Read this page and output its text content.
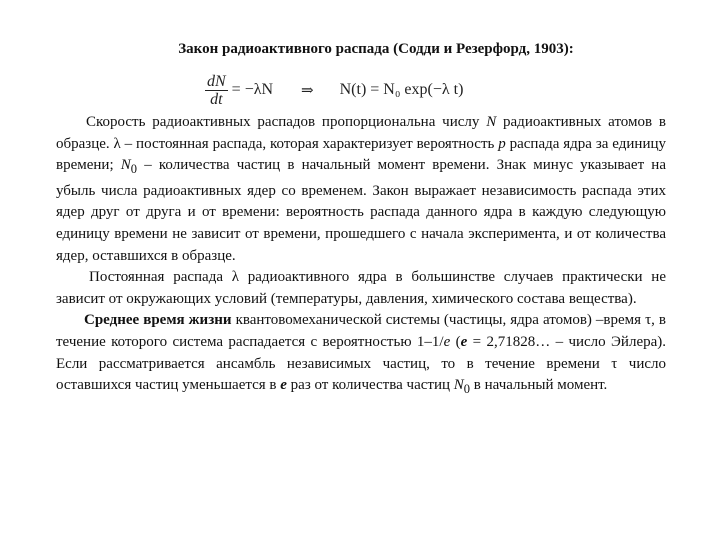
Закон радиоактивного распада (Содди и Резерфорд, 1903):
$\frac{dN}{dt} = -\lambda N$ ⇒ N(t) = N₀ exp(−λ t)

Скорость радиоактивных распадов пропорциональна числу N радиоактивных атомов в образце. λ – постоянная распада, которая характеризует вероятность p распада ядра за единицу времени; $N_0$ – количества частиц в начальный момент времени. Знак минус указывает на убыль числа радиоактивных ядер со временем. Закон выражает независимость распада этих ядер друг от друга и от времени: вероятность распада данного ядра в каждую следующую единицу времени не зависит от времени, прошедшего с начала эксперимента, и от количества ядер, оставшихся в образце.

Постоянная распада λ радиоактивного ядра в большинстве случаев практически не зависит от окружающих условий (температуры, давления, химического состава вещества).

Среднее время жизни квантовомеханической системы (частицы, ядра атомов) –время τ, в течение которого система распадается с вероятностью 1–1/e (e = 2,71828… – число Эйлера). Если рассматривается ансамбль независимых частиц, то в течение времени τ число оставшихся частиц уменьшается в e раз от количества частиц $N_0$ в начальный момент.
